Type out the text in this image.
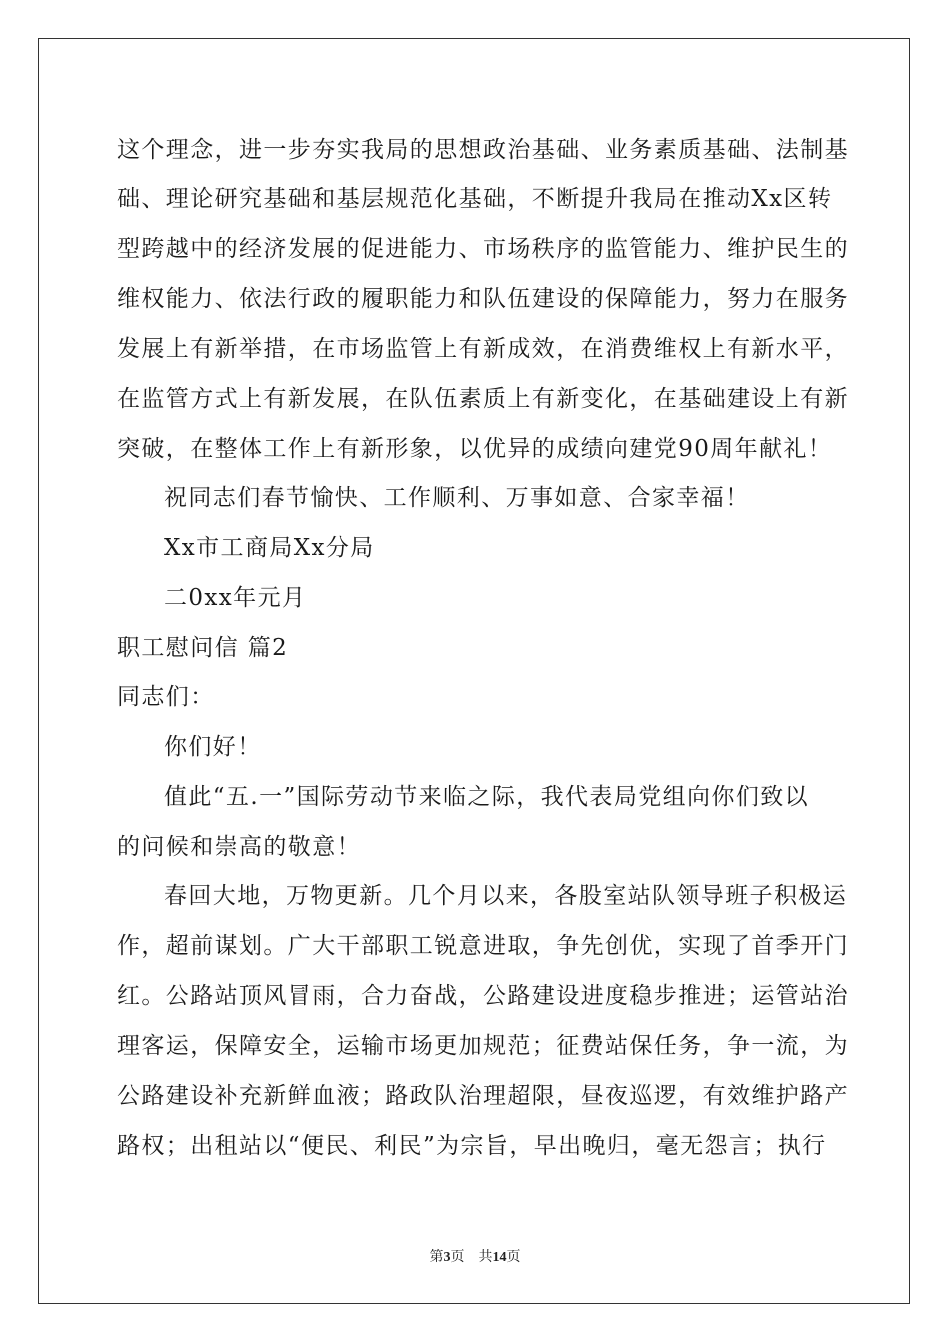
这个理念，进一步夯实我局的思想政治基础、业务素质基础、法制基
础、理论研究基础和基层规范化基础，不断提升我局在推动Xx区转
型跨越中的经济发展的促进能力、市场秩序的监管能力、维护民生的
维权能力、依法行政的履职能力和队伍建设的保障能力，努力在服务
发展上有新举措，在市场监管上有新成效，在消费维权上有新水平，
在监管方式上有新发展，在队伍素质上有新变化，在基础建设上有新
突破，在整体工作上有新形象，以优异的成绩向建党90周年献礼！
祝同志们春节愉快、工作顺利、万事如意、合家幸福！
Xx市工商局Xx分局
二0xx年元月
职工慰问信 篇2
同志们：
你们好！
值此“五.一”国际劳动节来临之际，我代表局党组向你们致以
的问候和崇高的敬意！
春回大地，万物更新。几个月以来，各股室站队领导班子积极运
作，超前谋划。广大干部职工锐意进取，争先创优，实现了首季开门
红。公路站顶风冒雨，合力奋战，公路建设进度稳步推进；运管站治
理客运，保障安全，运输市场更加规范；征费站保任务，争一流，为
公路建设补充新鲜血液；路政队治理超限，昼夜巡逻，有效维护路产
路权；出租站以“便民、利民”为宗旨，早出晚归，毫无怨言；执行
第3页　共14页
